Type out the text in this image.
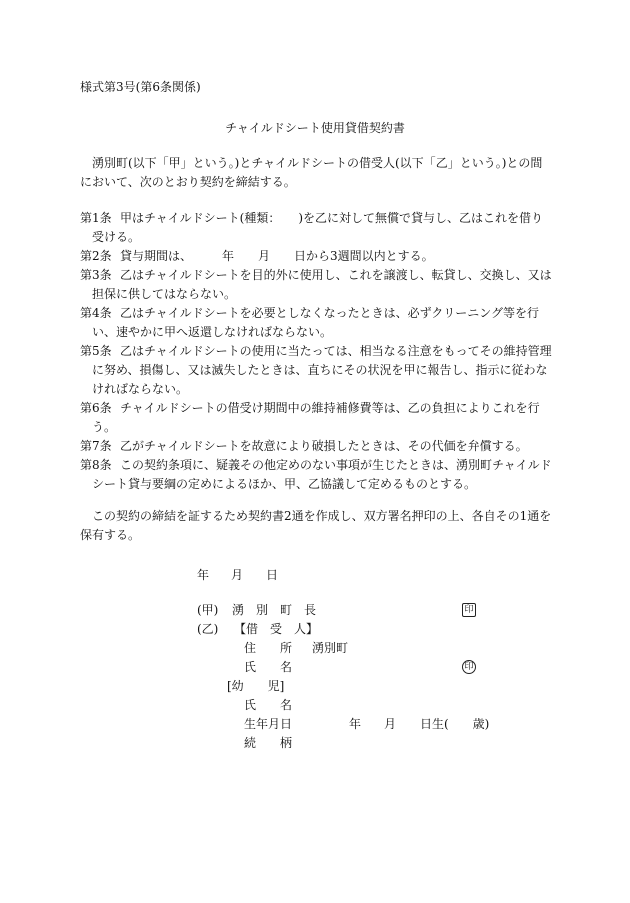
様式第3号(第6条関係)
チャイルドシート使用貸借契約書
湧別町(以下「甲」という。)とチャイルドシートの借受人(以下「乙」という。)との間において、次のとおり契約を締結する。
第1条 甲はチャイルドシート(種類：　　)を乙に対して無償で貸与し、乙はこれを借り受ける。
第2条 貸与期間は、　　　年　　月　　日から3週間以内とする。
第3条 乙はチャイルドシートを目的外に使用し、これを譲渡し、転貸し、交換し、又は担保に供してはならない。
第4条 乙はチャイルドシートを必要としなくなったときは、必ずクリーニング等を行い、速やかに甲へ返還しなければならない。
第5条 乙はチャイルドシートの使用に当たっては、相当なる注意をもってその維持管理に努め、損傷し、又は滅失したときは、直ちにその状況を甲に報告し、指示に従わなければならない。
第6条 チャイルドシートの借受け期間中の維持補修費等は、乙の負担によりこれを行う。
第7条 乙がチャイルドシートを故意により破損したときは、その代価を弁償する。
第8条 この契約条項に、疑義その他定めのない事項が生じたときは、湧別町チャイルドシート貸与要綱の定めによるほか、甲、乙協議して定めるものとする。
この契約の締結を証するため契約書2通を作成し、双方署名押印の上、各自その1通を保有する。
年 月 日
(甲) 湧　別　町　長	印
(乙) 【借　受　人】
住　　所 湧別町
氏　　名	印
[幼　　児]
氏　　名
生年月日	年 月 日生(　　歳)
続　　柄
